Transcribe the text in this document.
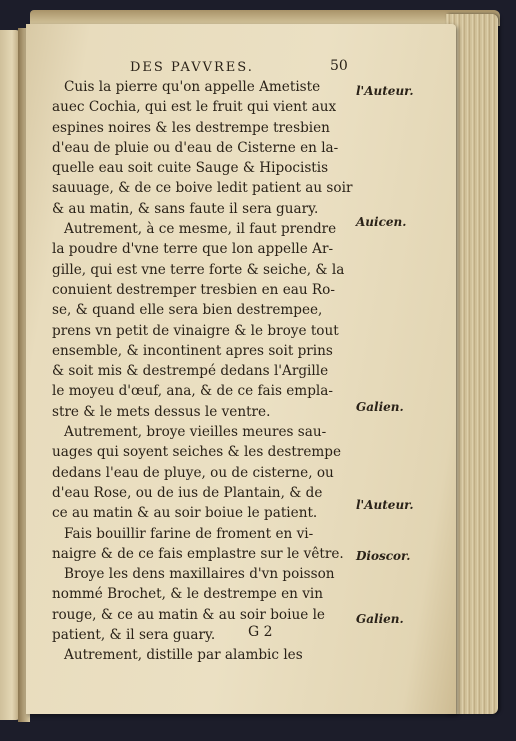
DES PAVVRES.	50
Cuis la pierre qu'on appelle Ametiste
auec Cochia, qui est le fruit qui vient aux
espines noires & les destrempe tresbien
d'eau de pluie ou d'eau de Cisterne en la-
quelle eau soit cuite Sauge & Hipocistis
sauuage, & de ce boive ledit patient au soir
& au matin, & sans faute il sera guary.
Autrement, à ce mesme, il faut prendre
la poudre d'vne terre que lon appelle Ar-
gille, qui est vne terre forte & seiche, & la
conuient destremper tresbien en eau Ro-
se, & quand elle sera bien destrempee,
prens vn petit de vinaigre & le broye tout
ensemble, & incontinent apres soit prins
& soit mis & destrempé dedans l'Argille
le moyeu d'œuf, ana, & de ce fais empla-
stre & le mets dessus le ventre.
Autrement, broye vieilles meures sau-
uages qui soyent seiches & les destrempe
dedans l'eau de pluye, ou de cisterne, ou
d'eau Rose, ou de ius de Plantain, & de
ce au matin & au soir boiue le patient.
Fais bouillir farine de froment en vi-
naigre & de ce fais emplastre sur le vêtre.
Broye les dens maxillaires d'vn poisson
nommé Brochet, & le destrempe en vin
rouge, & ce au matin & au soir boiue le
patient, & il sera guary.
Autrement, distille par alambic les
l'Auteur.
Auicen.
Galien.
l'Auteur.
Dioscor.
Galien.
G 2
